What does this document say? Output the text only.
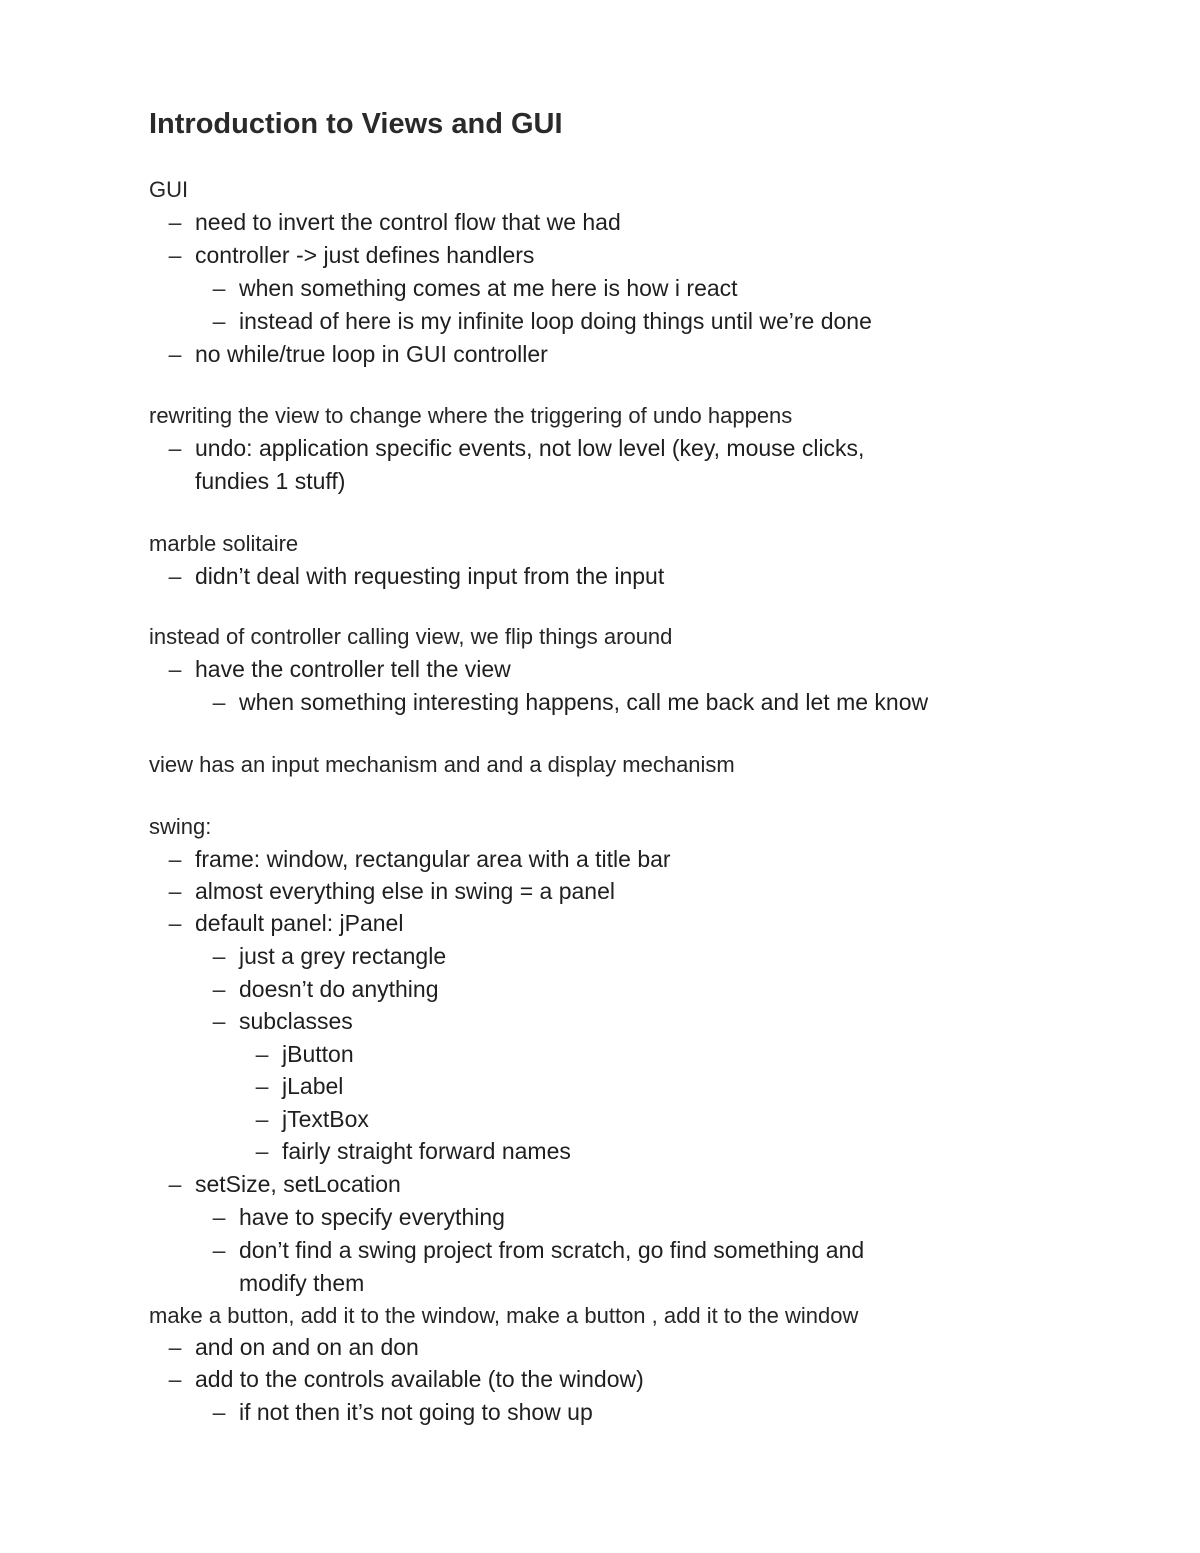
Introduction to Views and GUI
GUI
– need to invert the control flow that we had
– controller -> just defines handlers
– when something comes at me here is how i react
– instead of here is my infinite loop doing things until we’re done
– no while/true loop in GUI controller
rewriting the view to change where the triggering of undo happens
– undo: application specific events, not low level (key, mouse clicks,
fundies 1 stuff)
marble solitaire
– didn’t deal with requesting input from the input
instead of controller calling view, we flip things around
– have the controller tell the view
– when something interesting happens, call me back and let me know
view has an input mechanism and and a display mechanism
swing:
– frame: window, rectangular area with a title bar
– almost everything else in swing = a panel
– default panel: jPanel
– just a grey rectangle
– doesn’t do anything
– subclasses
– jButton
– jLabel
– jTextBox
– fairly straight forward names
– setSize, setLocation
– have to specify everything
– don’t find a swing project from scratch, go find something and
modify them
make a button, add it to the window, make a button , add it to the window
– and on and on an don
– add to the controls available (to the window)
– if not then it’s not going to show up
